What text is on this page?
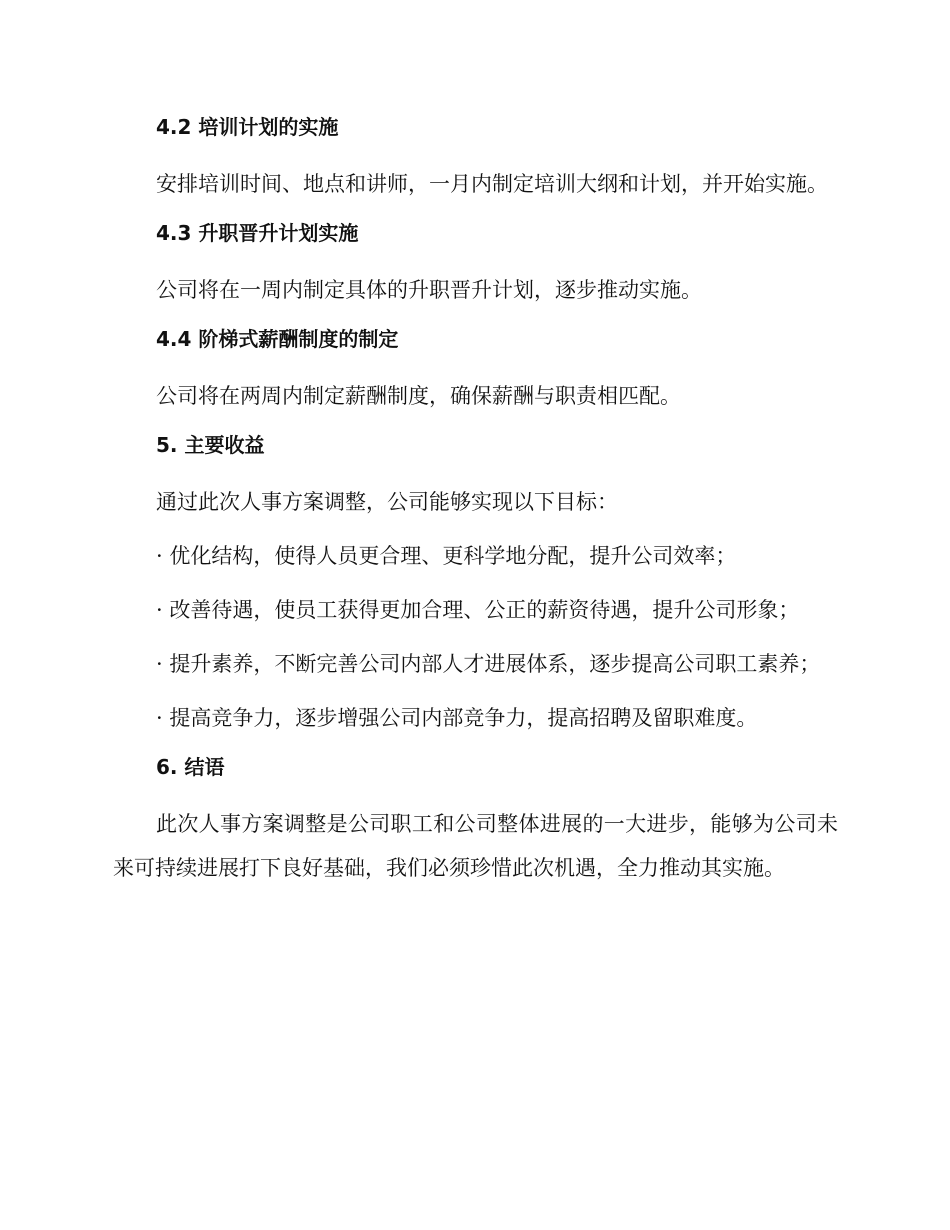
4.2 培训计划的实施

安排培训时间、地点和讲师，一月内制定培训大纲和计划，并开始实施。

4.3 升职晋升计划实施

公司将在一周内制定具体的升职晋升计划，逐步推动实施。

4.4 阶梯式薪酬制度的制定

公司将在两周内制定薪酬制度，确保薪酬与职责相匹配。

5. 主要收益

通过此次人事方案调整，公司能够实现以下目标：

· 优化结构，使得人员更合理、更科学地分配，提升公司效率；

· 改善待遇，使员工获得更加合理、公正的薪资待遇，提升公司形象；

· 提升素养，不断完善公司内部人才进展体系，逐步提高公司职工素养；

· 提高竞争力，逐步增强公司内部竞争力，提高招聘及留职难度。

6. 结语

此次人事方案调整是公司职工和公司整体进展的一大进步，能够为公司未来可持续进展打下良好基础，我们必须珍惜此次机遇，全力推动其实施。
